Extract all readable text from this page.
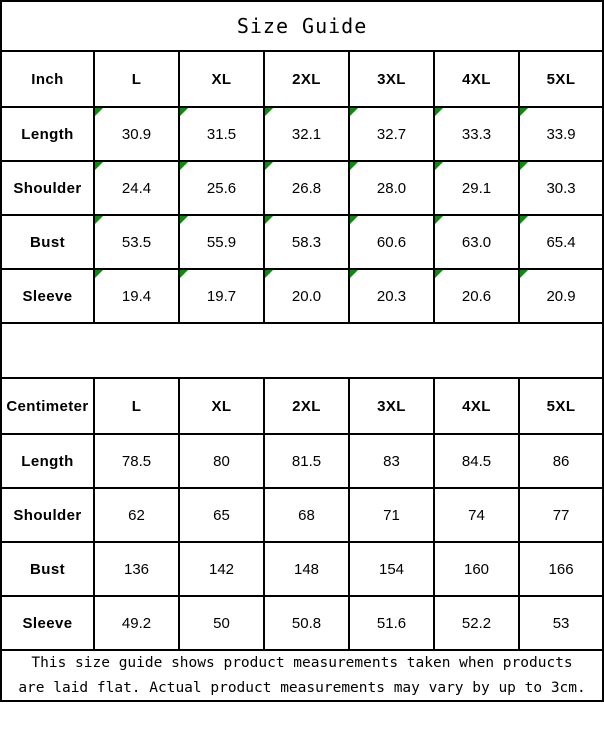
Size Guide						
Inch	L	XL	2XL	3XL	4XL	5XL
Length	30.9	31.5	32.1	32.7	33.3	33.9
Shoulder	24.4	25.6	26.8	28.0	29.1	30.3
Bust	53.5	55.9	58.3	60.6	63.0	65.4
Sleeve	19.4	19.7	20.0	20.3	20.6	20.9

Centimeter	L	XL	2XL	3XL	4XL	5XL
Length	78.5	80	81.5	83	84.5	86
Shoulder	62	65	68	71	74	77
Bust	136	142	148	154	160	166
Sleeve	49.2	50	50.8	51.6	52.2	53

This size guide shows product measurements taken when products
are laid flat. Actual product measurements may vary by up to 3cm.						
